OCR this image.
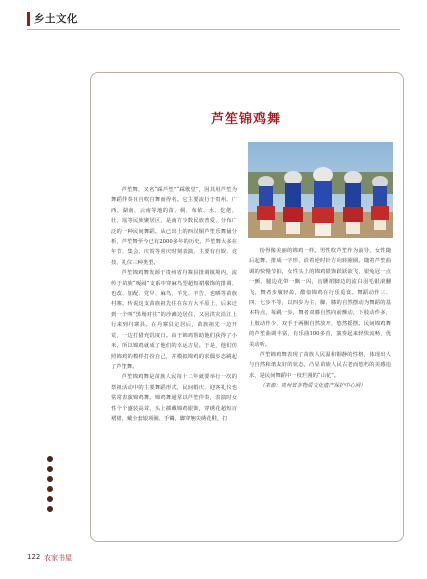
乡土文化
芦笙锦鸡舞

芦笙舞，又名“踩芦笙”“踩歌堂”，因其用芦笙为舞蹈伴奏且自吹自舞而得名。它主要流行于贵州、广西、湖南、云南等地的苗、侗、布依、水、仡佬、壮、瑶等民族聚居区，是南方少数民族普爱、分布广泛的一种民间舞蹈。从已出土的西汉铜芦笙乐舞俑分析，芦笙舞至今已有2000多年的历史。芦笙舞大多在年节、集会、庆贺等喜庆时刻表演，主要有自娱、竞技、礼仪三种类型。

芦笙锦鸡舞发源于贵州省丹寨县排调镇境内，流传于苗族“嘎闹”支系中穿麻鸟型超短裙服饰的排调、也改、加配、党早、麻鸟、羊先、羊告、也晒等苗族村寨。传说这支苗族祖先住在东方大平原上，后来迁到一个叫“黑坳对往”的沙滩边居住，又因洪灾沿江上行来到丹寨县。在丹寨县定居后，苗族祖先一边开荒，一边打猎充饥度日。由于锦鸡帮助他们获得了小米，所以锦鸡就成了他们的幸运吉星。于是，他们仿照锦鸡的模样打扮自己，并模拟锦鸡的求偶步态跳起了芦笙舞。

芦笙锦鸡舞是苗族人民每十二年就要举行一次的祭祖活动中的主要舞蹈形式，民间婚庆、迎客礼仪也常常表演锦鸡舞。锦鸡舞通常以芦笙伴奏，表演时女性个个盛装高耸，头上插戴锦鸡银饰，穿绣花超短百褶裙，戴全套银项圈、手镯，脚穿翘尖绣花鞋，打

扮得像美丽的锦鸡一样。男性吹芦笙作为前导，女性随后起舞，排成一字形，沿着逆时针方向转圈圈。随着芦笙曲调的快慢节拍，女性头上的锦鸡银饰跃跃欲飞，银兔冠一点一颤，腿边花带一飘一闪，盲腰裙脚边的流白羽毛银滚翻飞，舞者步履轻盈，酷似锦鸡在行乐觅食。舞蹈动作三、四、七步不等，以四步为主，脚、膝的自然摆动为舞蹈的基本特点，每跳一步，舞者双膝自然向前颤动，下肢动作多，上肢动作少，双手于两侧自然放开，悠然摇摆。民间锦鸡舞的芦笙曲调丰富，有乐曲100多首，演奏起来轻快流畅，优美动听。

芦笙锦鸡舞表现了苗族人民温和铜静的性格，体现出人与自然和谐友好的状态，凸显苗族人民古老而悠朽的美感追求，是民间舞蹈中一枝烂漫的“山花”。

（来源：贵州省非物质文化遗产保护中心网）

122 农家书屋
